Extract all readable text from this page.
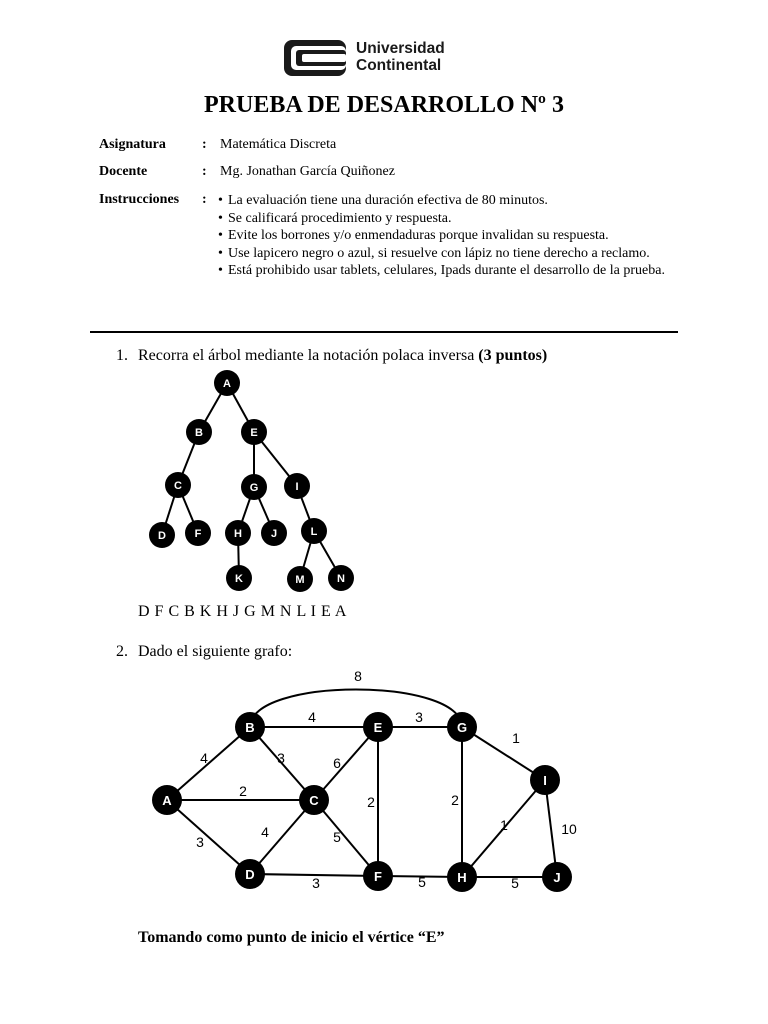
Universidad
Continental
PRUEBA DE DESARROLLO Nº 3
Asignatura	: Matemática Discreta
Docente	: Mg. Jonathan García Quiñonez
Instrucciones : • La evaluación tiene una duración efectiva de 80 minutos.
• Se calificará procedimiento y respuesta.
• Evite los borrones y/o enmendaduras porque invalidan su respuesta.
• Use lapicero negro o azul, si resuelve con lápiz no tiene derecho a reclamo.
• Está prohibido usar tablets, celulares, Ipads durante el desarrollo de la prueba.
1. Recorra el árbol mediante la notación polaca inversa (3 puntos)
A
B	E
C	G	I
D	F	H	J	L
K	M	N
D F C B K H J G M N L I E A
2. Dado el siguiente grafo:
A
B
C
D
E
F
G
H
I
J
8
4	3
1
4	3	6
2
2	2
1	10
3
4	5
3	5	5
Tomando como punto de inicio el vértice “E”
